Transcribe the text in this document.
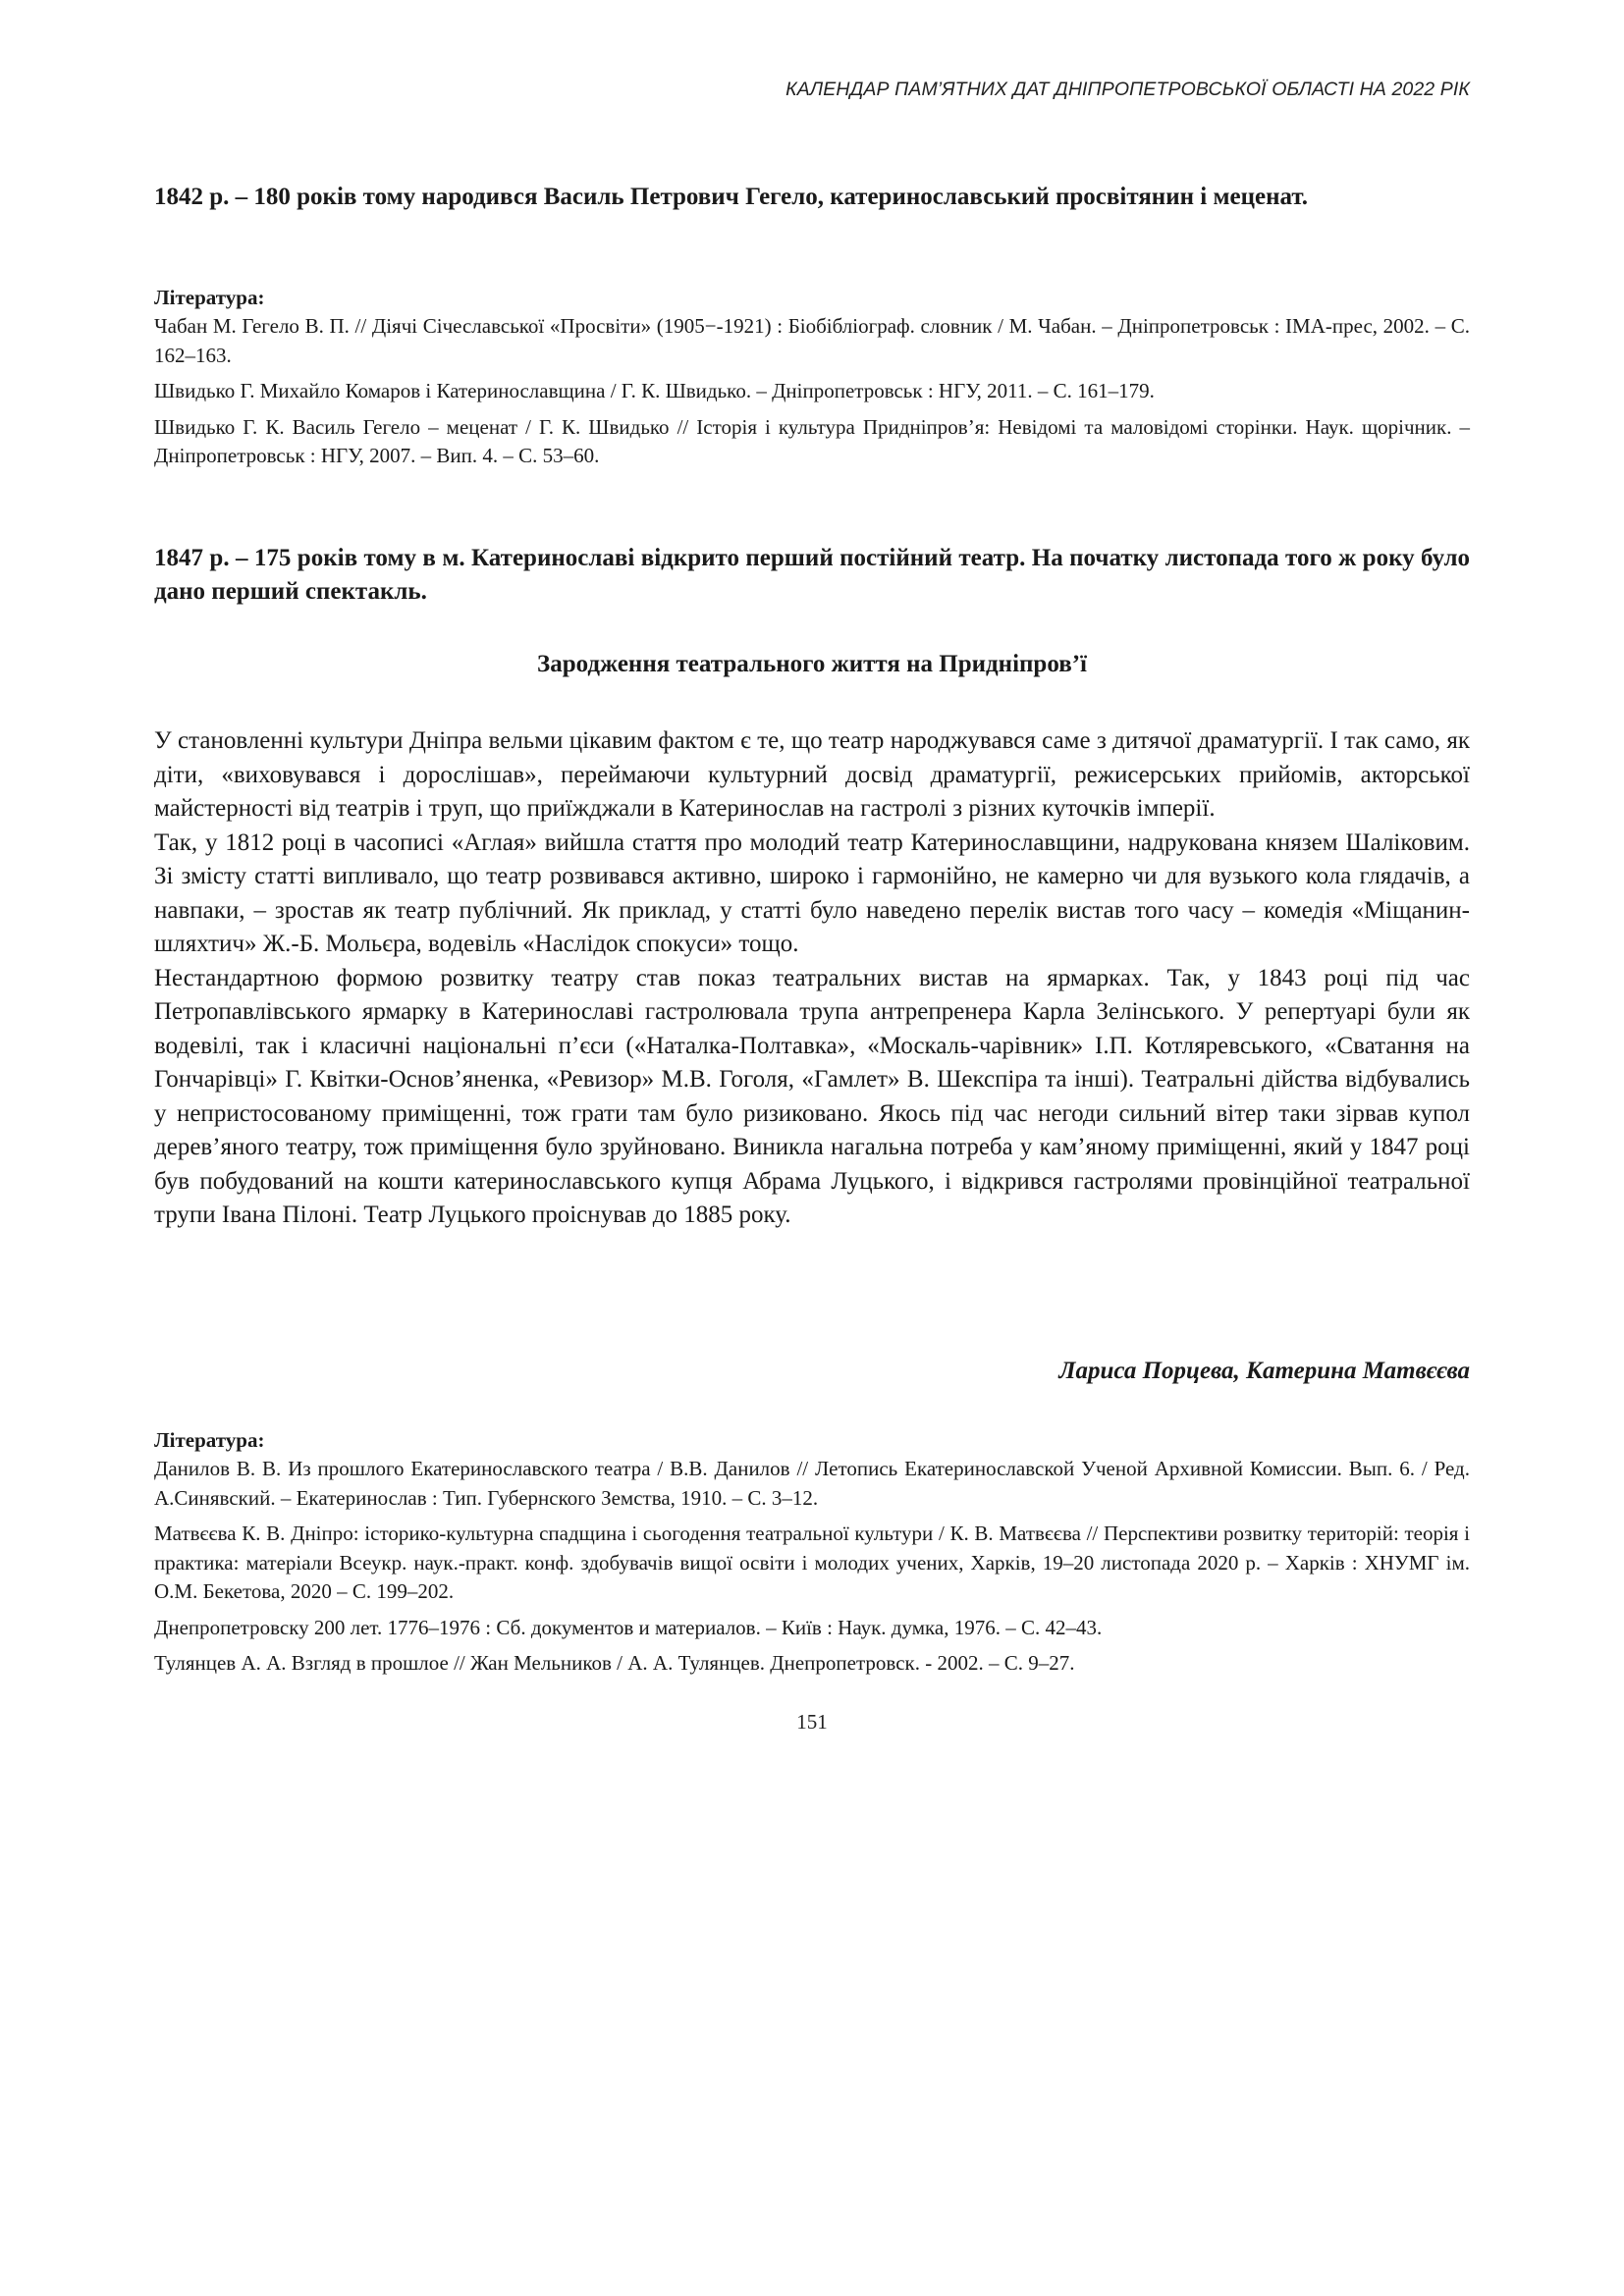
КАЛЕНДАР ПАМ’ЯТНИХ ДАТ ДНІПРОПЕТРОВСЬКОЇ ОБЛАСТІ НА 2022 РІК

1842 р. – 180 років тому народився Василь Петрович Гегело, катеринославський просвітянин і меценат.

Література:

Чабан М. Гегело В. П. // Діячі Січеславської «Просвіти» (1905−-1921) : Біобібліограф. словник / М. Чабан. – Дніпропетровськ : ІМА-прес, 2002. – С. 162–163.

Швидько Г. Михайло Комаров і Катеринославщина / Г. К. Швидько. – Дніпропетровськ : НГУ, 2011. – С. 161–179.

Швидько Г. К. Василь Гегело – меценат / Г. К. Швидько // Історія і культура Придніпров’я: Невідомі та маловідомі сторінки. Наук. щорічник. – Дніпропетровськ : НГУ, 2007. – Вип. 4. – С. 53–60.

1847 р. – 175 років тому в м. Катеринославі відкрито перший постійний театр. На початку листопада того ж року було дано перший спектакль.

Зародження театрального життя на Придніпров’ї

У становленні культури Дніпра вельми цікавим фактом є те, що театр народжувався саме з дитячої драматургії. І так само, як діти, «виховувався і дорослішав», переймаючи культурний досвід драматургії, режисерських прийомів, акторської майстерності від театрів і труп, що приїжджали в Катеринослав на гастролі з різних куточків імперії.

Так, у 1812 році в часописі «Аглая» вийшла стаття про молодий театр Катеринославщини, надрукована князем Шаліковим. Зі змісту статті випливало, що театр розвивався активно, широко і гармонійно, не камерно чи для вузького кола глядачів, а навпаки, – зростав як театр публічний. Як приклад, у статті було наведено перелік вистав того часу – комедія «Міщанин-шляхтич» Ж.-Б. Мольєра, водевіль «Наслідок спокуси» тощо.

Нестандартною формою розвитку театру став показ театральних вистав на ярмарках. Так, у 1843 році під час Петропавлівського ярмарку в Катеринославі гастролювала трупа антрепренера Карла Зелінського. У репертуарі були як водевілі, так і класичні національні п’єси («Наталка-Полтавка», «Москаль-чарівник» І.П. Котляревського, «Сватання на Гончарівці» Г. Квітки-Основ’яненка, «Ревизор» М.В. Гоголя, «Гамлет» В. Шекспіра та інші). Театральні дійства відбувались у непристосованому приміщенні, тож грати там було ризиковано. Якось під час негоди сильний вітер таки зірвав купол дерев’яного театру, тож приміщення було зруйновано. Виникла нагальна потреба у кам’яному приміщенні, який у 1847 році був побудований на кошти катеринославського купця Абрама Луцького, і відкрився гастролями провінційної театральної трупи Івана Пілоні. Театр Луцького проіснував до 1885 року.

Лариса Порцева, Катерина Матвєєва

Література:

Данилов В. В. Из прошлого Екатеринославского театра / В.В. Данилов // Летопись Екатеринославской Ученой Архивной Комиссии. Вып. 6. / Ред. А.Синявский. – Екатеринослав : Тип. Губернского Земства, 1910. – С. 3–12.

Матвєєва К. В. Дніпро: історико-культурна спадщина і сьогодення театральної культури / К. В. Матвєєва // Перспективи розвитку територій: теорія і практика: матеріали Всеукр. наук.-практ. конф. здобувачів вищої освіти і молодих учених, Харків, 19–20 листопада 2020 р. – Харків : ХНУМГ ім. О.М. Бекетова, 2020 – С. 199–202.

Днепропетровску 200 лет. 1776–1976 : Сб. документов и материалов. – Київ : Наук. думка, 1976. – С. 42–43.

Тулянцев А. А. Взгляд в прошлое // Жан Мельников / А. А. Тулянцев. Днепропетровск. - 2002. – С. 9–27.

151
